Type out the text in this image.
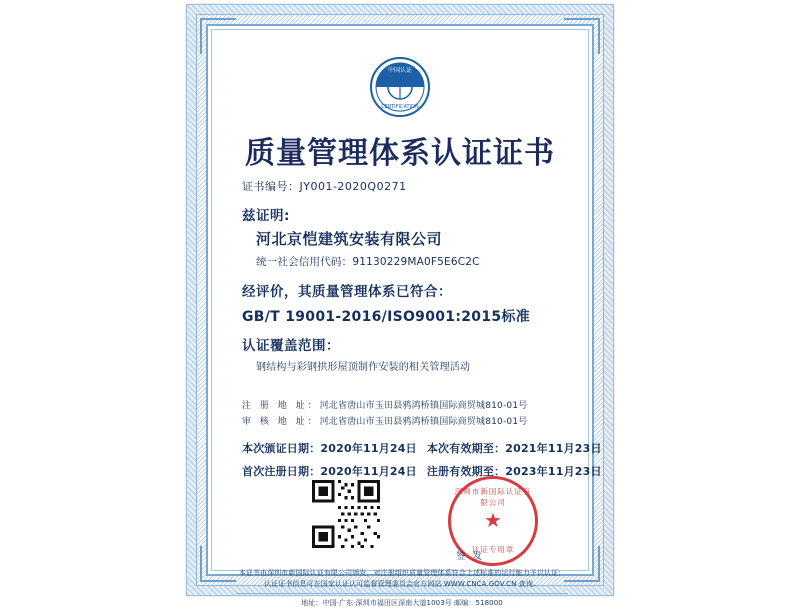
中国认证
CERTIFICATION
质量管理体系认证证书
证书编号：JY001-2020Q0271
兹证明:
河北京恺建筑安装有限公司
统一社会信用代码：91130229MA0F5E6C2C
经评价，其质量管理体系已符合：
GB/T 19001-2016/ISO9001:2015标准
认证覆盖范围：
钢结构与彩钢拱形屋顶制作安装的相关管理活动
注 册 地 址：河北省唐山市玉田县鸦鸿桥镇国际商贸城810-01号
审 核 地 址：河北省唐山市玉田县鸦鸿桥镇国际商贸城810-01号
本次颁证日期：2020年11月24日 本次有效期至：2021年11月23日
首次注册日期：2020年11月24日 注册有效期至：2023年11月23日
深圳市新国际认证有限公司
★
认证专用章
签 发
本证书由深圳市新国际认证有限公司颁发，对注册组织质量管理体系符合上述标准的运行能力予以认证；
认证证书信息可在国家认证认可监督管理委员会官方网站 WWW.CNCA.GOV.CN 查询。
地址：中国·广东·深圳市福田区深南大道1003号 邮编：518000
